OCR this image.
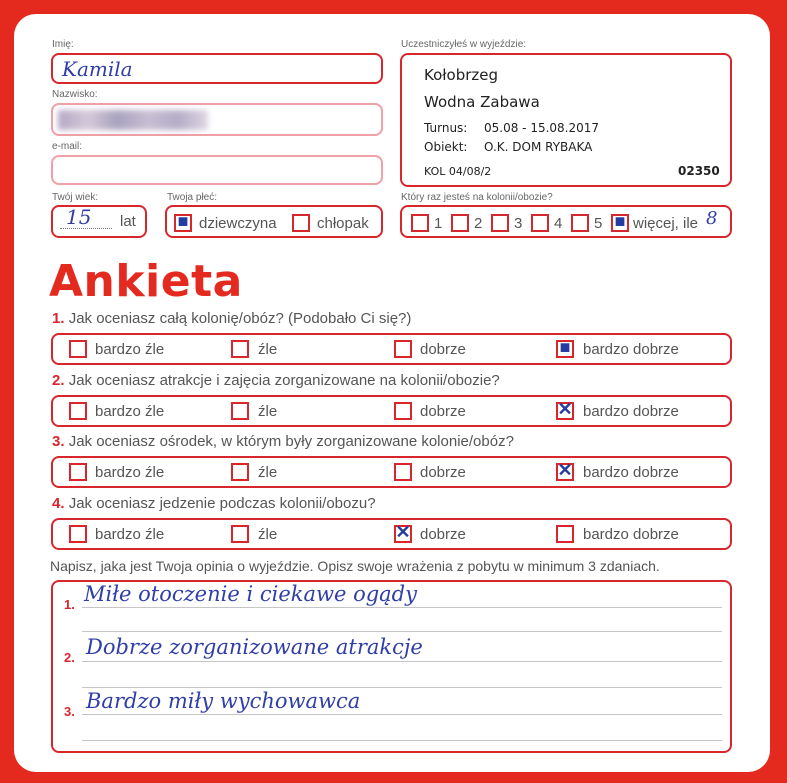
Imię:
Kamila
Nazwisko:
e-mail:
Twój wiek:
15 lat
Twoja płeć:
■ dziewczyna	chłopak
Uczestniczyłeś w wyjeździe:
Kołobrzeg
Wodna Zabawa
Turnus: 05.08 - 15.08.2017
Obiekt: O.K. DOM RYBAKA
KOL 04/08/2	02350
Który raz jesteś na kolonii/obozie?
1 2 3 4 5 ■ więcej, ile 8
Ankieta
1. Jak oceniasz całą kolonię/obóz? (Podobało Ci się?)
bardzo źle	źle	dobrze	■ bardzo dobrze
2. Jak oceniasz atrakcje i zajęcia zorganizowane na kolonii/obozie?
bardzo źle	źle	dobrze	✕ bardzo dobrze
3. Jak oceniasz ośrodek, w którym były zorganizowane kolonie/obóz?
bardzo źle	źle	dobrze	✕ bardzo dobrze
4. Jak oceniasz jedzenie podczas kolonii/obozu?
bardzo źle	źle	✕ dobrze	bardzo dobrze
Napisz, jaka jest Twoja opinia o wyjeździe. Opisz swoje wrażenia z pobytu w minimum 3 zdaniach.
1. Miłe otoczenie i ciekawe ogądy
2. Dobrze zorganizowane atrakcje
3. Bardzo miły wychowawca
